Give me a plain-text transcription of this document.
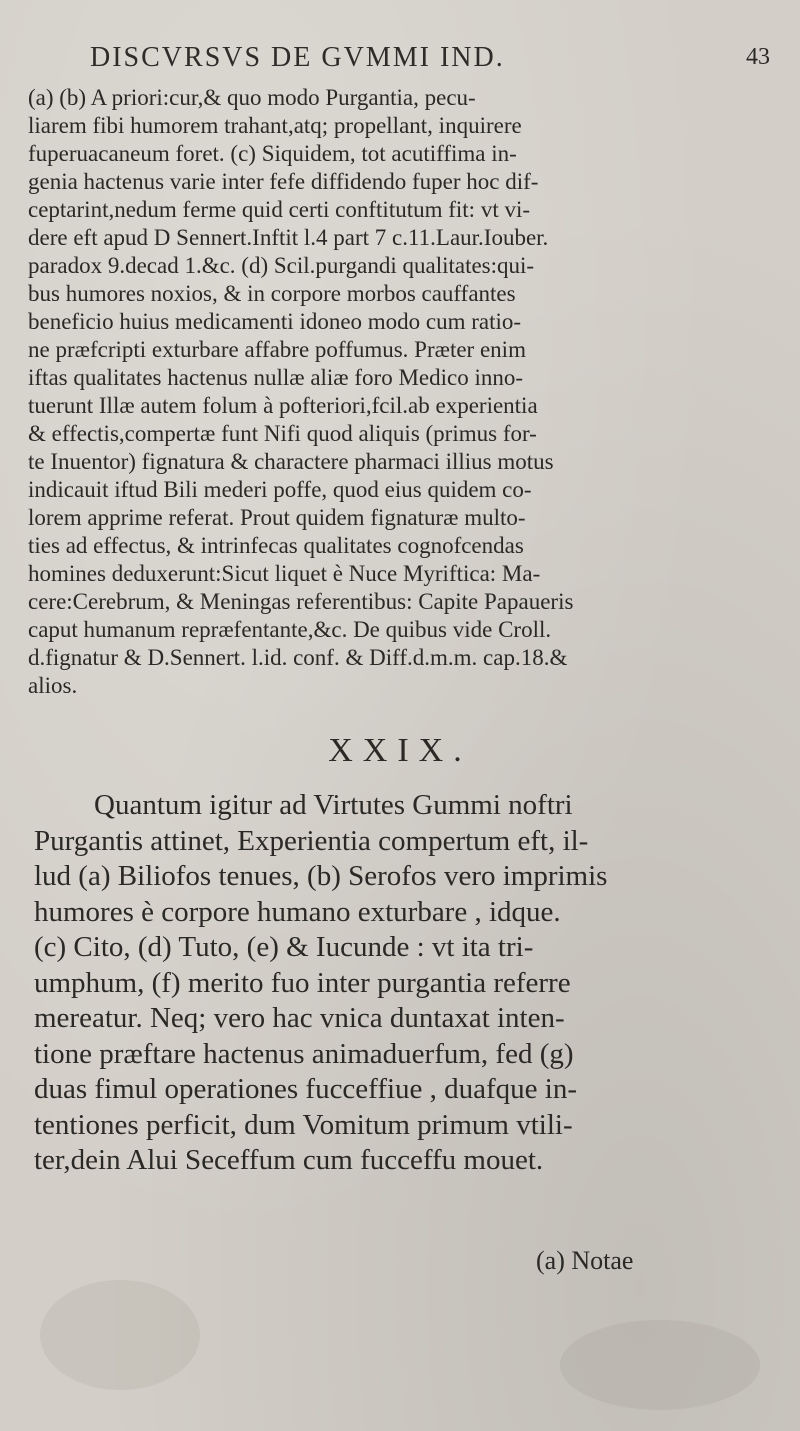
DISCVRSVS DE GVMMI IND.	43
(a) (b) A priori:cur,& quo modo Purgantia, pecu-
liarem fibi humorem trahant,atq; propellant, inquirere
fuperuacaneum foret. (c) Siquidem, tot acutiffima in-
genia hactenus varie inter fefe diffidendo fuper hoc dif-
ceptarint,nedum ferme quid certi conftitutum fit: vt vi-
dere eft apud D Sennert.Inftit l.4 part 7 c.11.Laur.Iouber.
paradox 9.decad 1.&c. (d) Scil.purgandi qualitates:qui-
bus humores noxios, & in corpore morbos cauffantes
beneficio huius medicamenti idoneo modo cum ratio-
ne præfcripti exturbare affabre poffumus. Præter enim
iftas qualitates hactenus nullæ aliæ foro Medico inno-
tuerunt Illæ autem folum à pofteriori,fcil.ab experientia
& effectis,compertæ funt Nifi quod aliquis (primus for-
te Inuentor) fignatura & charactere pharmaci illius motus
indicauit iftud Bili mederi poffe, quod eius quidem co-
lorem apprime referat. Prout quidem fignaturæ multo-
ties ad effectus, & intrinfecas qualitates cognofcendas
homines deduxerunt:Sicut liquet è Nuce Myriftica: Ma-
cere:Cerebrum, & Meningas referentibus: Capite Papaueris
caput humanum repræfentante,&c. De quibus vide Croll.
d.fignatur & D.Sennert. l.id. conf. & Diff.d.m.m. cap.18.&
alios.
XXIX.
Quantum igitur ad Virtutes Gummi noftri
Purgantis attinet, Experientia compertum eft, il-
lud (a) Biliofos tenues, (b) Serofos vero imprimis
humores è corpore humano exturbare , idque.
(c) Cito, (d) Tuto, (e) & Iucunde : vt ita tri-
umphum, (f) merito fuo inter purgantia referre
mereatur. Neq; vero hac vnica duntaxat inten-
tione præftare hactenus animaduerfum, fed (g)
duas fimul operationes fucceffiue , duafque in-
tentiones perficit, dum Vomitum primum vtili-
ter,dein Alui Seceffum cum fucceffu mouet.
(a) Notae
